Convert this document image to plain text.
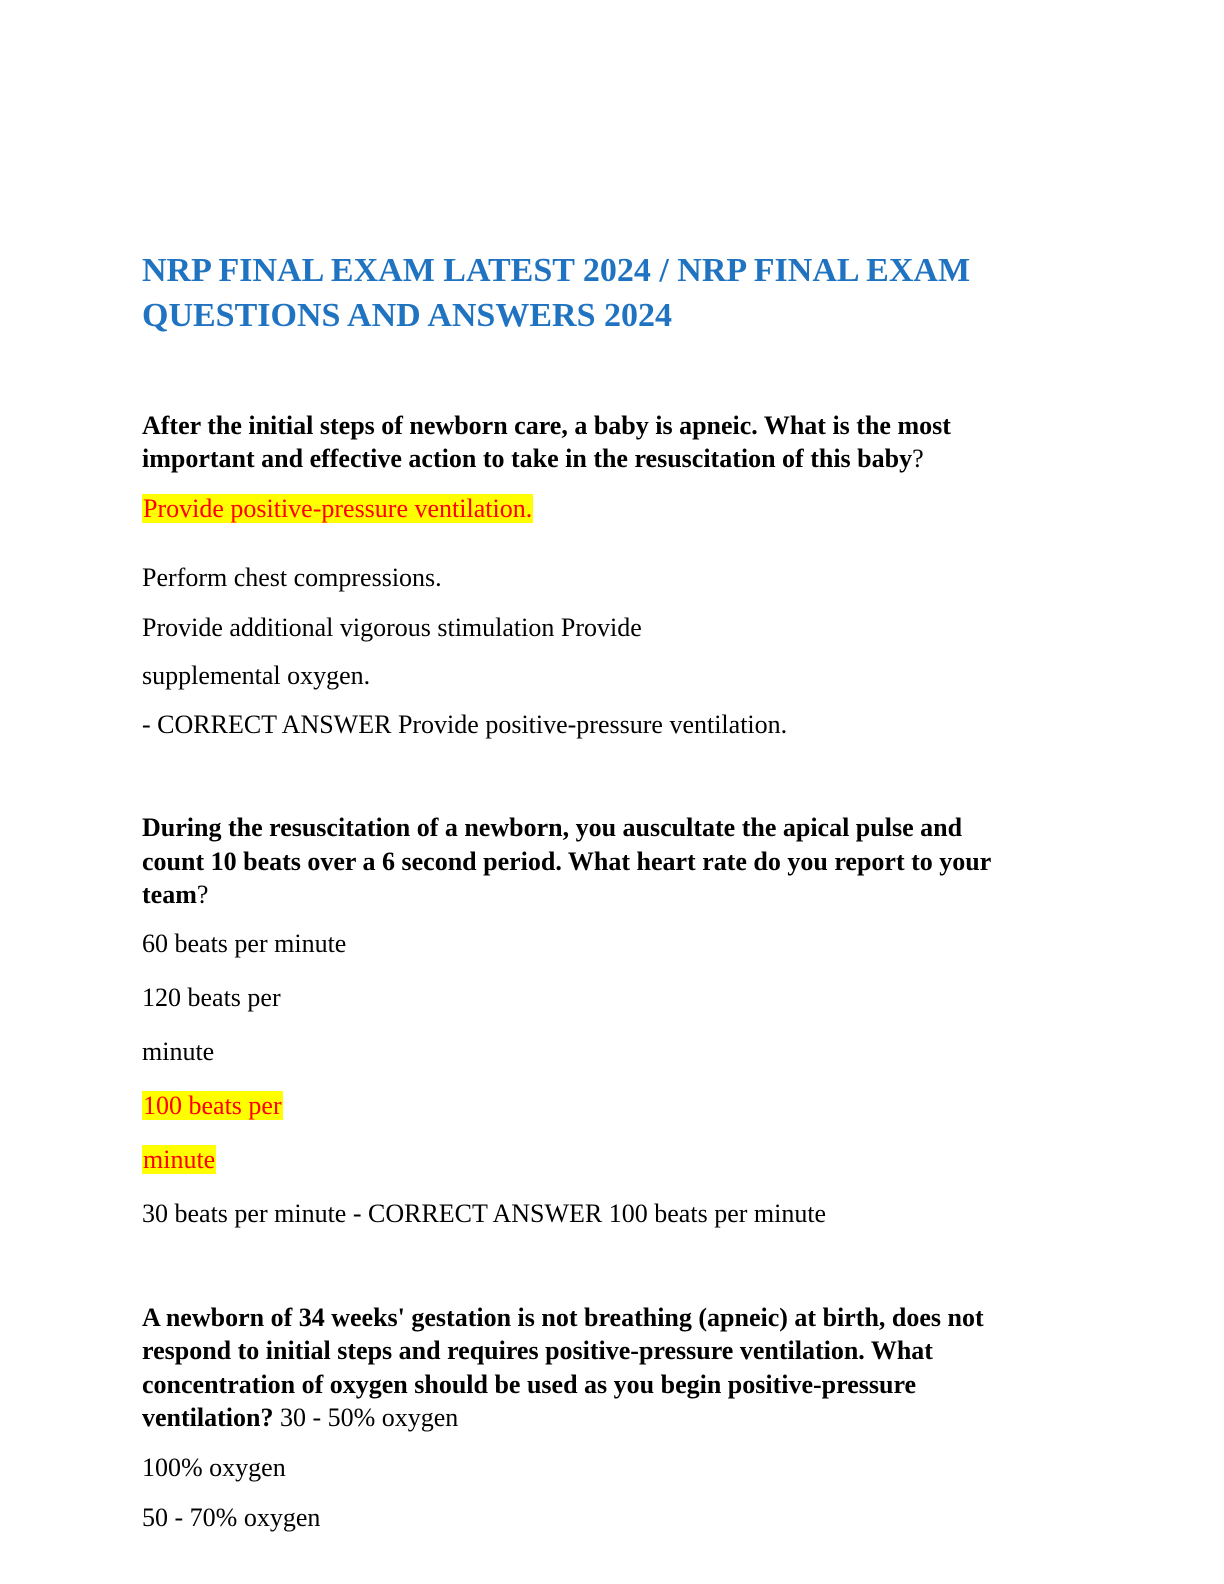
NRP FINAL EXAM LATEST 2024 / NRP FINAL EXAM
QUESTIONS AND ANSWERS 2024
After the initial steps of newborn care, a baby is apneic. What is the most
important and effective action to take in the resuscitation of this baby?
Provide positive-pressure ventilation.
Perform chest compressions.
Provide additional vigorous stimulation Provide
supplemental oxygen.
- CORRECT ANSWER Provide positive-pressure ventilation.
During the resuscitation of a newborn, you auscultate the apical pulse and
count 10 beats over a 6 second period. What heart rate do you report to your
team?
60 beats per minute
120 beats per
minute
100 beats per
minute
30 beats per minute - CORRECT ANSWER 100 beats per minute
A newborn of 34 weeks' gestation is not breathing (apneic) at birth, does not
respond to initial steps and requires positive-pressure ventilation. What
concentration of oxygen should be used as you begin positive-pressure
ventilation? 30 - 50% oxygen
100% oxygen
50 - 70% oxygen
